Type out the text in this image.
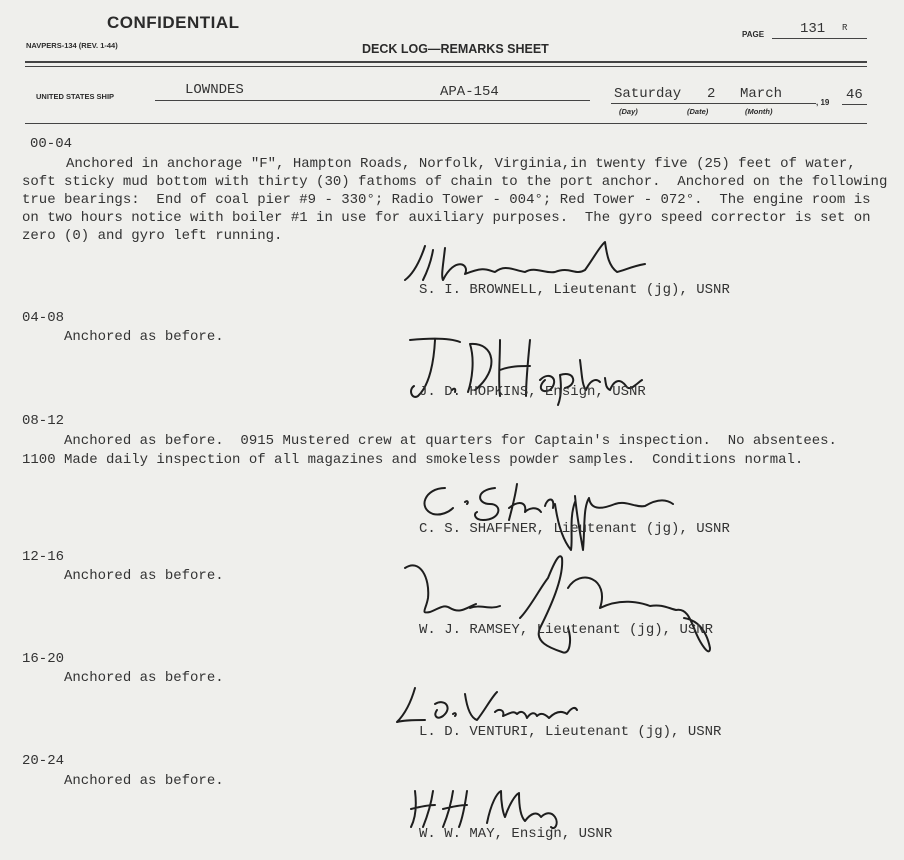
CONFIDENTIAL
NAVPERS-134 (REV. 1-44)	DECK LOG—REMARKS SHEET
PAGE	131 R
UNITED STATES SHIP	LOWNDES	APA-154	Saturday 2 March
, 19 46
(Day)	(Date)	(Month)
00-04
Anchored in anchorage "F", Hampton Roads, Norfolk, Virginia,in twenty five (25) feet of water,
soft sticky mud bottom with thirty (30) fathoms of chain to the port anchor.  Anchored on the following
true bearings:  End of coal pier #9 - 330°; Radio Tower - 004°; Red Tower - 072°.  The engine room is
on two hours notice with boiler #1 in use for auxiliary purposes.  The gyro speed corrector is set on
zero (0) and gyro left running.
S. I. BROWNELL, Lieutenant (jg), USNR
04-08
Anchored as before.
J. D. HOPKINS, Ensign, USNR
08-12
Anchored as before.  0915 Mustered crew at quarters for Captain's inspection.  No absentees.
1100 Made daily inspection of all magazines and smokeless powder samples.  Conditions normal.
C. S. SHAFFNER, Lieutenant (jg), USNR
12-16
Anchored as before.
W. J. RAMSEY, Lieutenant (jg), USNR
16-20
Anchored as before.
L. D. VENTURI, Lieutenant (jg), USNR
20-24
Anchored as before.
W. W. MAY, Ensign, USNR
